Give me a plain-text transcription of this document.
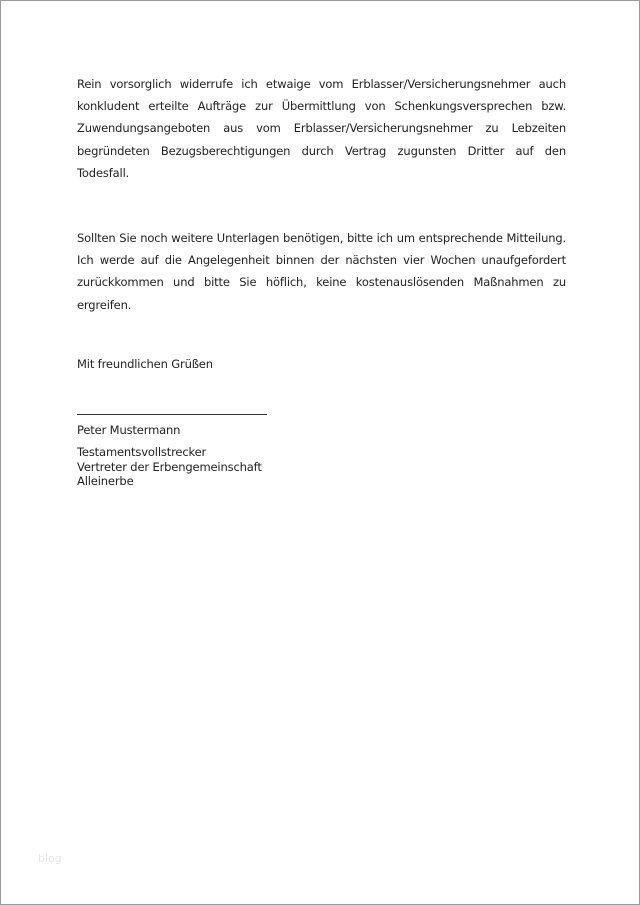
Rein vorsorglich widerrufe ich etwaige vom Erblasser/Versicherungsnehmer auch konkludent erteilte Aufträge zur Übermittlung von Schenkungsversprechen bzw. Zuwendungsangeboten aus vom Erblasser/Versicherungsnehmer zu Lebzeiten begründeten Bezugsberechtigungen durch Vertrag zugunsten Dritter auf den Todesfall.

Sollten Sie noch weitere Unterlagen benötigen, bitte ich um entsprechende Mitteilung. Ich werde auf die Angelegenheit binnen der nächsten vier Wochen unaufgefordert zurückkommen und bitte Sie höflich, keine kostenauslösenden Maßnahmen zu ergreifen.

Mit freundlichen Grüßen
Peter Mustermann
Testamentsvollstrecker
Vertreter der Erbengemeinschaft
Alleinerbe
blog
